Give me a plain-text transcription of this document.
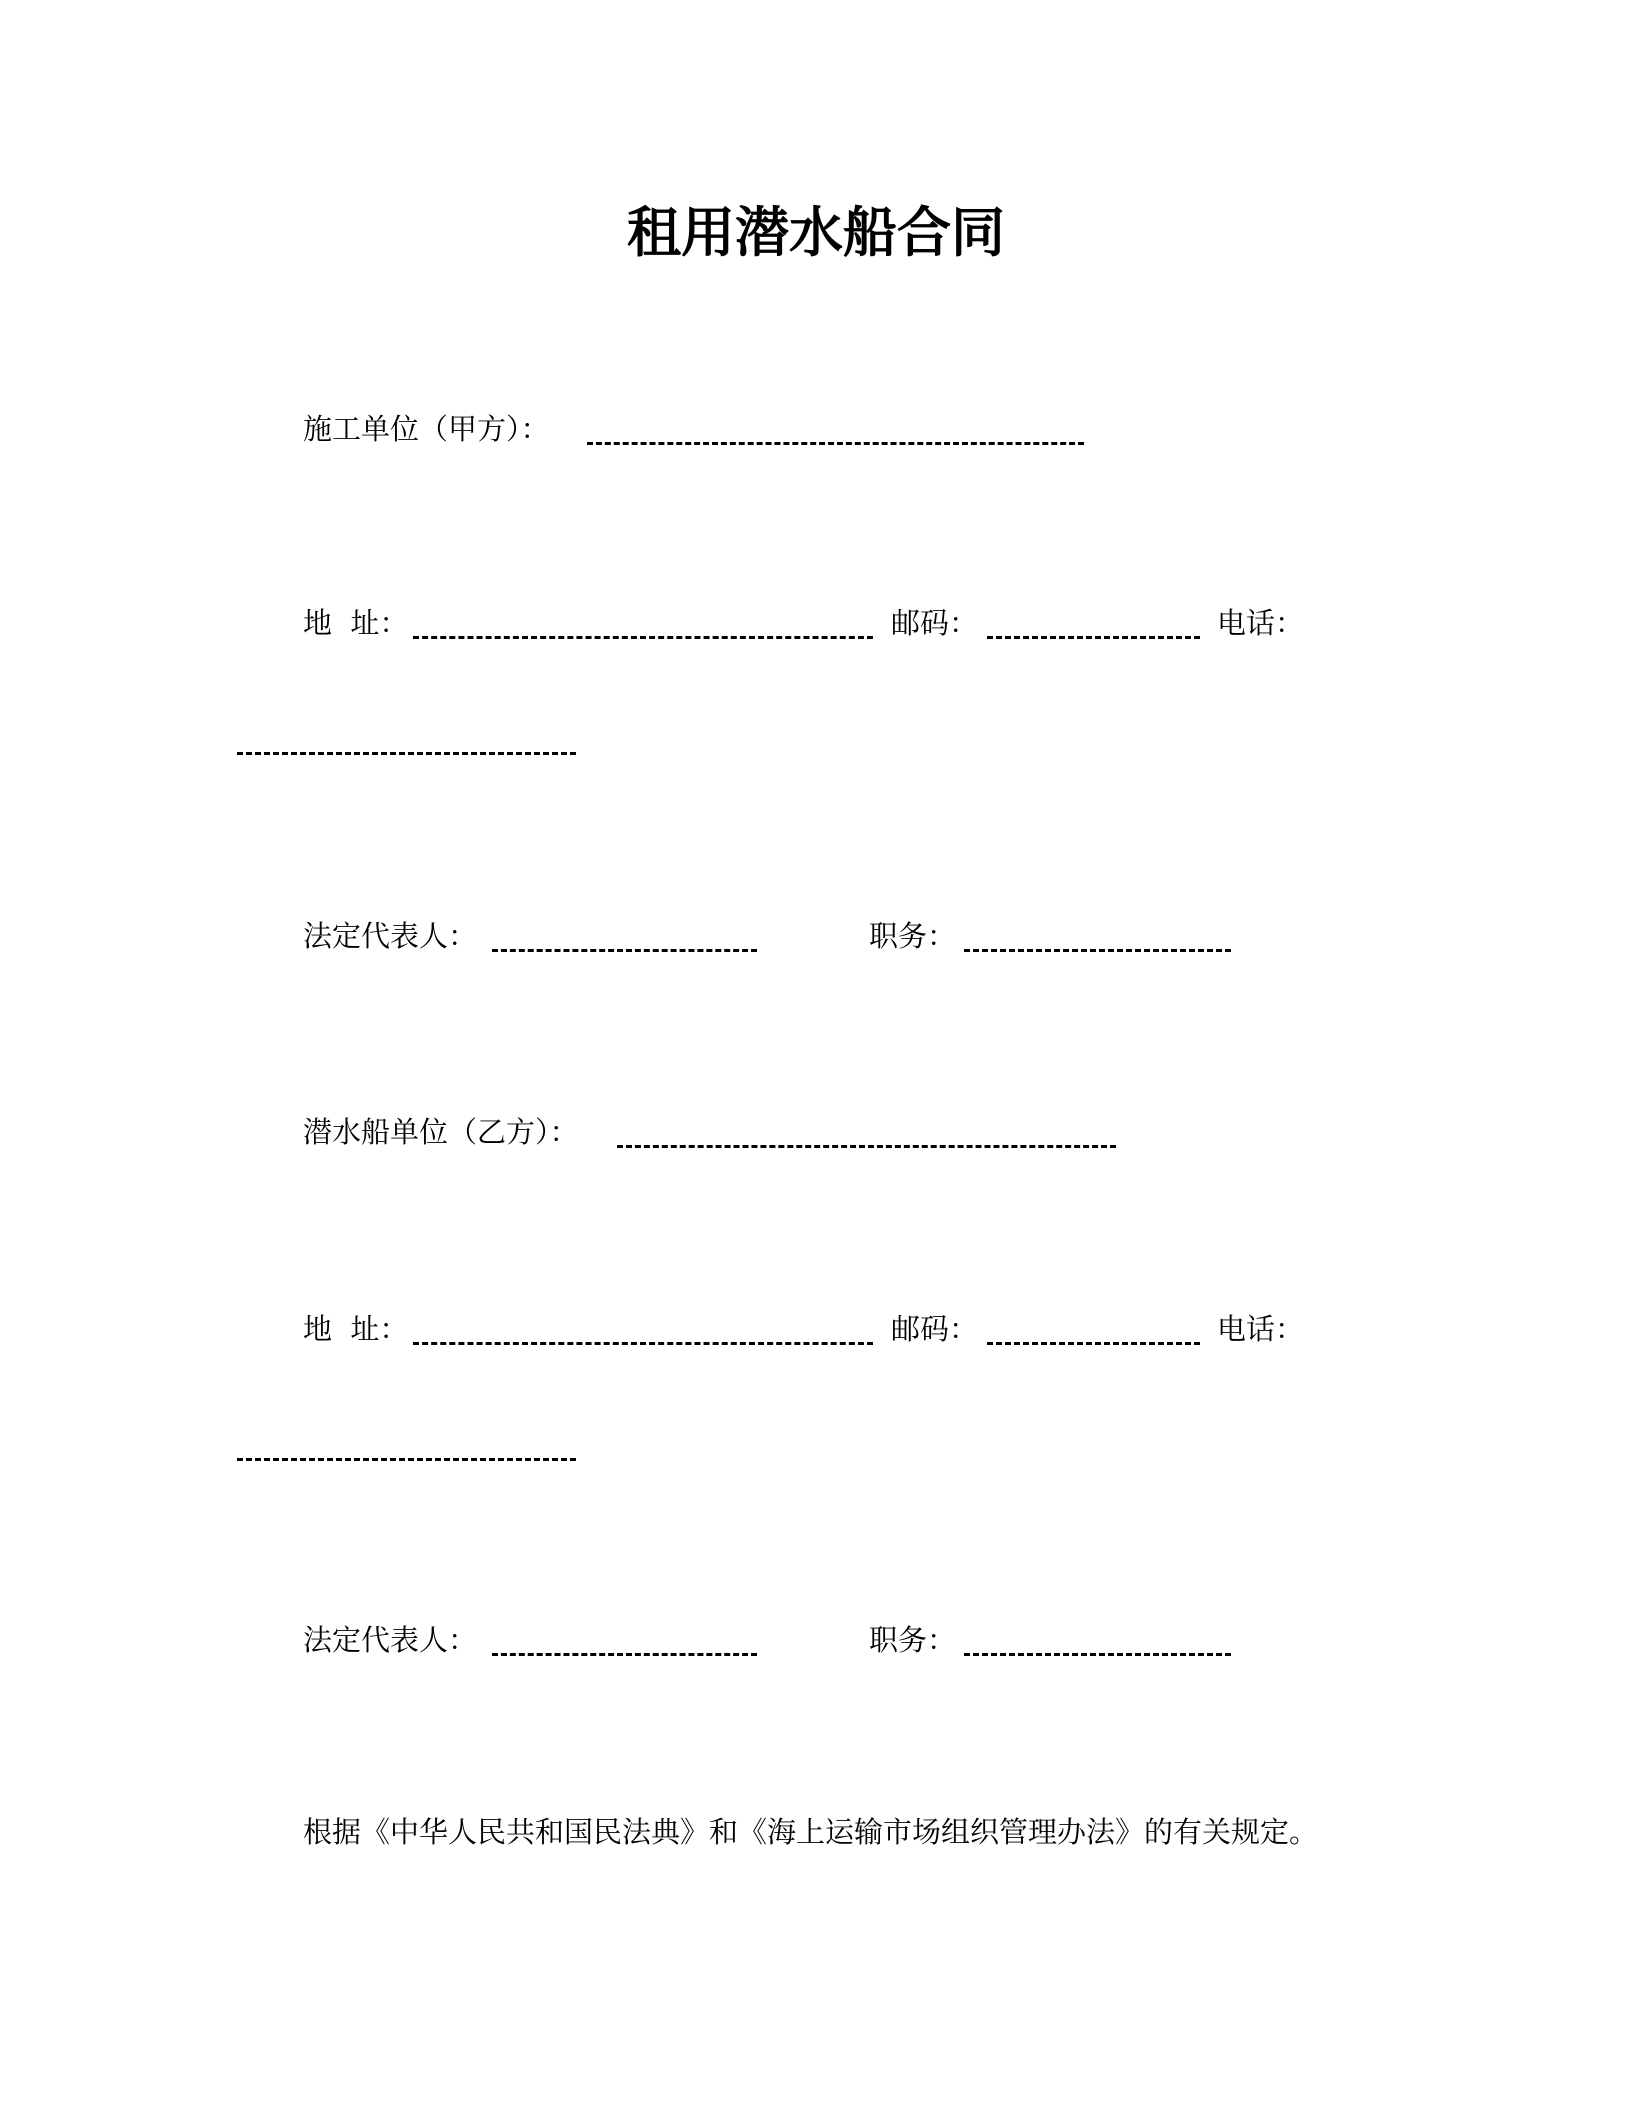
租用潜水船合同
施工单位（甲方）：
地  址：	邮码：	电话：
法定代表人：	职务：
潜水船单位（乙方）：
地  址：	邮码：	电话：
法定代表人：	职务：
根据《中华人民共和国民法典》和《海上运输市场组织管理办法》的有关规定。
